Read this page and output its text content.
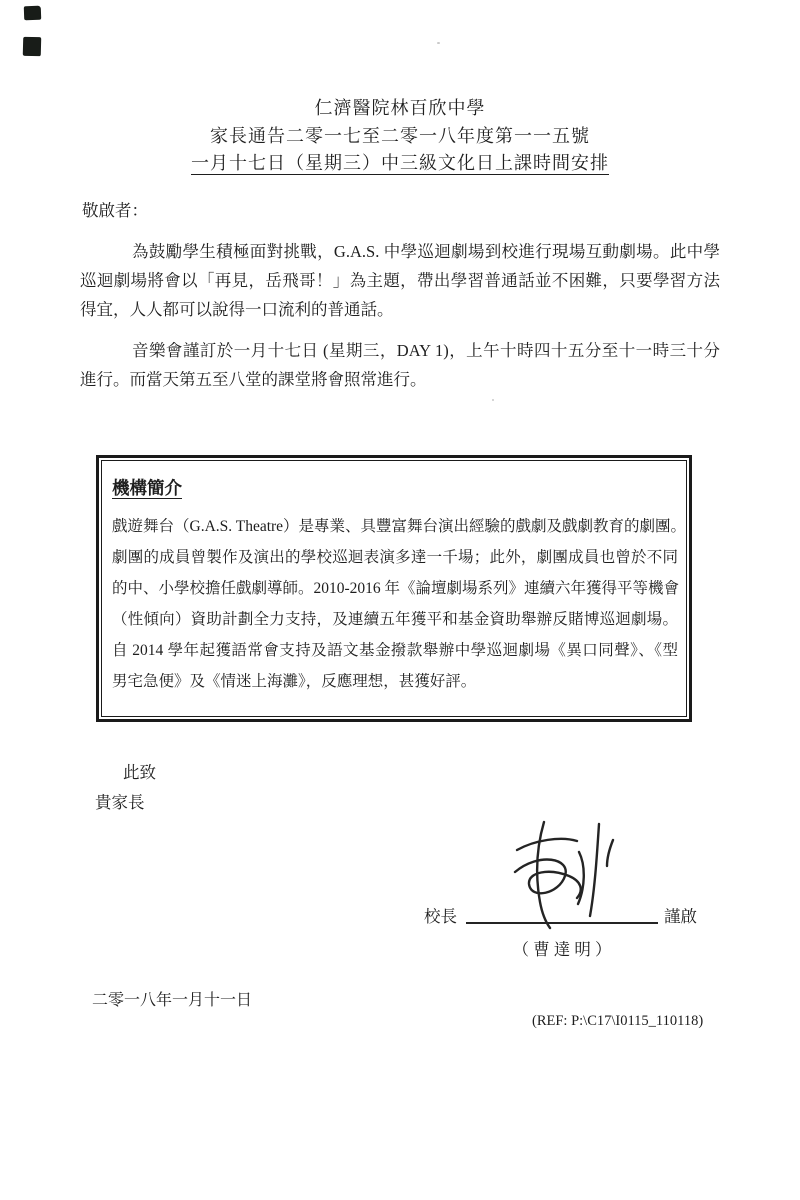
仁濟醫院林百欣中學
家長通告二零一七至二零一八年度第一一五號
一月十七日（星期三）中三級文化日上課時間安排
敬啟者：
為鼓勵學生積極面對挑戰，G.A.S. 中學巡迴劇場到校進行現場互動劇場。此中學
巡迴劇場將會以「再見，岳飛哥！」為主題，帶出學習普通話並不困難，只要學習方法
得宜，人人都可以說得一口流利的普通話。
音樂會謹訂於一月十七日 (星期三，DAY 1)，上午十時四十五分至十一時三十分
進行。而當天第五至八堂的課堂將會照常進行。
機構簡介
戲遊舞台（G.A.S. Theatre）是專業、具豐富舞台演出經驗的戲劇及戲劇教育的劇團。
劇團的成員曾製作及演出的學校巡迴表演多達一千場；此外，劇團成員也曾於不同
的中、小學校擔任戲劇導師。2010-2016 年《論壇劇場系列》連續六年獲得平等機會
（性傾向）資助計劃全力支持，及連續五年獲平和基金資助舉辦反賭博巡迴劇場。
自 2014 學年起獲語常會支持及語文基金撥款舉辦中學巡迴劇場《異口同聲》、《型
男宅急便》及《情迷上海灘》，反應理想，甚獲好評。
此致
貴家長
校長	謹啟
（ 曹 達 明 ）
二零一八年一月十一日
(REF: P:\C17\I0115_110118)
